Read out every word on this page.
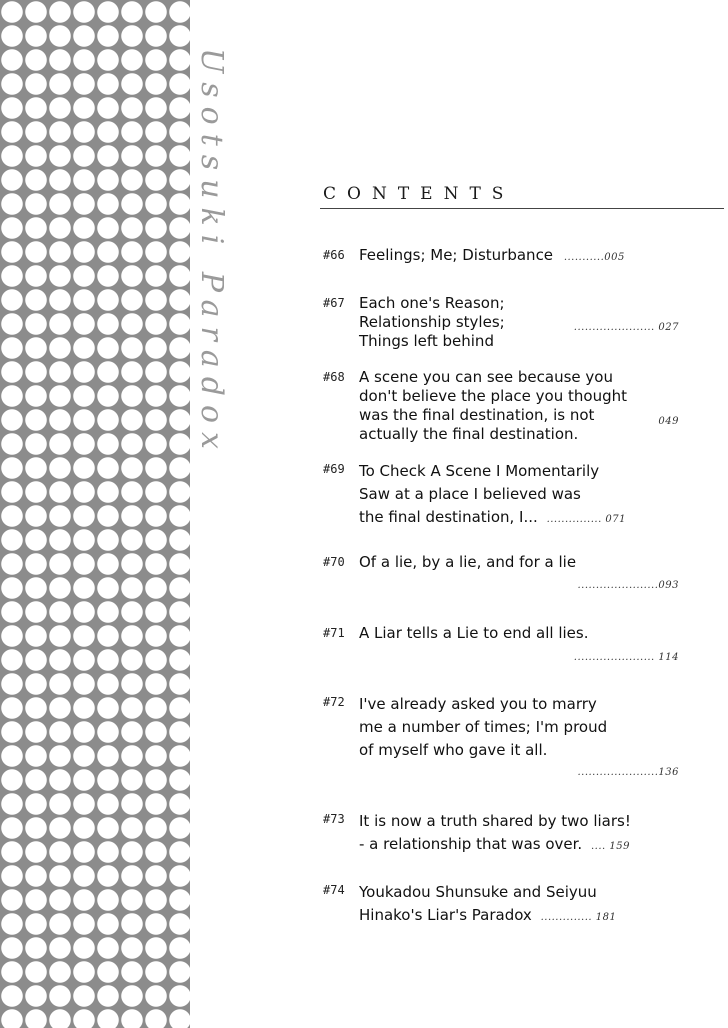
Usotsuki Paradox	CONTENTS
#66 Feelings; Me; Disturbance ...........005
#67 Each one's Reason;
Relationship styles;
Things left behind
...................... 027
#68 A scene you can see because you
don't believe the place you thought
was the final destination, is not
actually the final destination.
049
#69 To Check A Scene I Momentarily
Saw at a place I believed was
the final destination, I... ............... 071
#70 Of a lie, by a lie, and for a lie
......................093
#71 A Liar tells a Lie to end all lies.
...................... 114
#72 I've already asked you to marry
me a number of times; I'm proud
of myself who gave it all.
......................136
#73 It is now a truth shared by two liars!
- a relationship that was over. .... 159
#74 Youkadou Shunsuke and Seiyuu
Hinako's Liar's Paradox .............. 181
